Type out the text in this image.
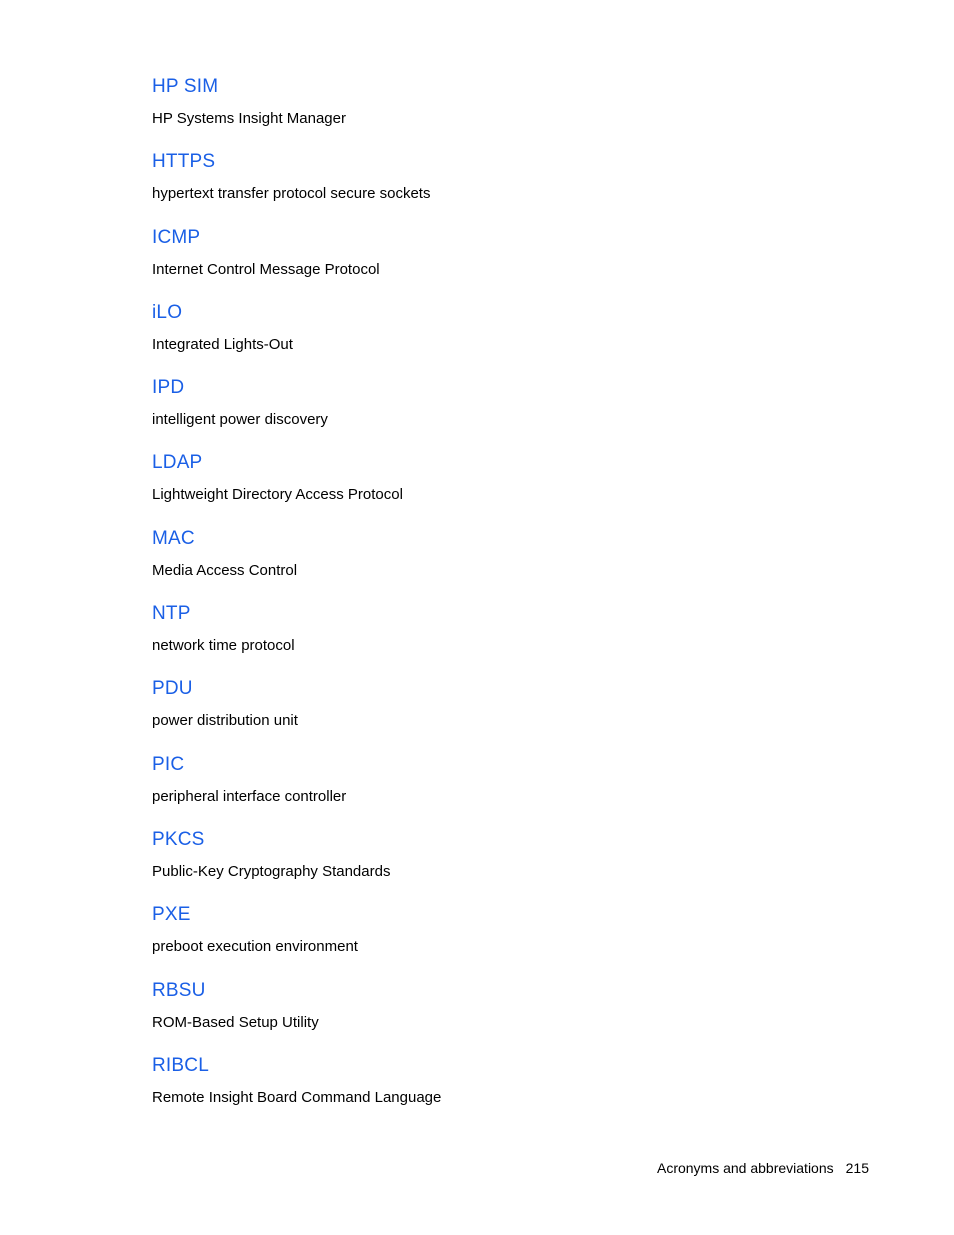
HP SIM
HP Systems Insight Manager
HTTPS
hypertext transfer protocol secure sockets
ICMP
Internet Control Message Protocol
iLO
Integrated Lights-Out
IPD
intelligent power discovery
LDAP
Lightweight Directory Access Protocol
MAC
Media Access Control
NTP
network time protocol
PDU
power distribution unit
PIC
peripheral interface controller
PKCS
Public-Key Cryptography Standards
PXE
preboot execution environment
RBSU
ROM-Based Setup Utility
RIBCL
Remote Insight Board Command Language
Acronyms and abbreviations 215
